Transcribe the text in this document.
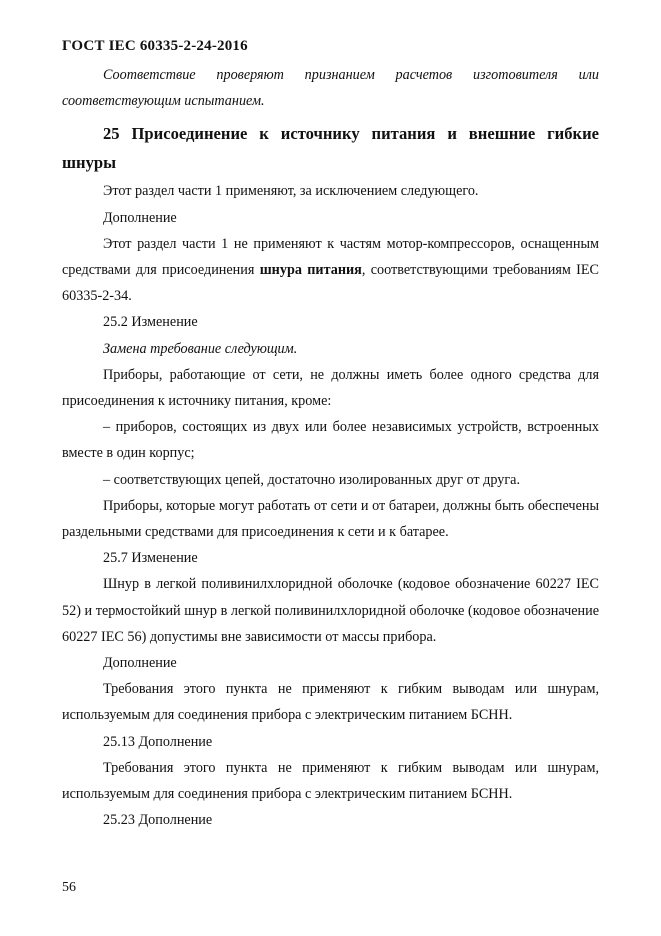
ГОСТ IEC 60335-2-24-2016

Соответствие проверяют признанием расчетов изготовителя или соответствующим испытанием.

25 Присоединение к источнику питания и внешние гибкие шнуры

Этот раздел части 1 применяют, за исключением следующего.

Дополнение

Этот раздел части 1 не применяют к частям мотор-компрессоров, оснащенным средствами для присоединения шнура питания, соответствующими требованиям IEC 60335-2-34.

25.2 Изменение

Замена требование следующим.

Приборы, работающие от сети, не должны иметь более одного средства для присоединения к источнику питания, кроме:

– приборов, состоящих из двух или более независимых устройств, встроенных вместе в один корпус;

– соответствующих цепей, достаточно изолированных друг от друга.

Приборы, которые могут работать от сети и от батареи, должны быть обеспечены раздельными средствами для присоединения к сети и к батарее.

25.7 Изменение

Шнур в легкой поливинилхлоридной оболочке (кодовое обозначение 60227 IEC 52) и термостойкий шнур в легкой поливинилхлоридной оболочке (кодовое обозначение 60227 IEC 56) допустимы вне зависимости от массы прибора.

Дополнение

Требования этого пункта не применяют к гибким выводам или шнурам, используемым для соединения прибора с электрическим питанием БСНН.

25.13 Дополнение

Требования этого пункта не применяют к гибким выводам или шнурам, используемым для соединения прибора с электрическим питанием БСНН.

25.23 Дополнение

56
